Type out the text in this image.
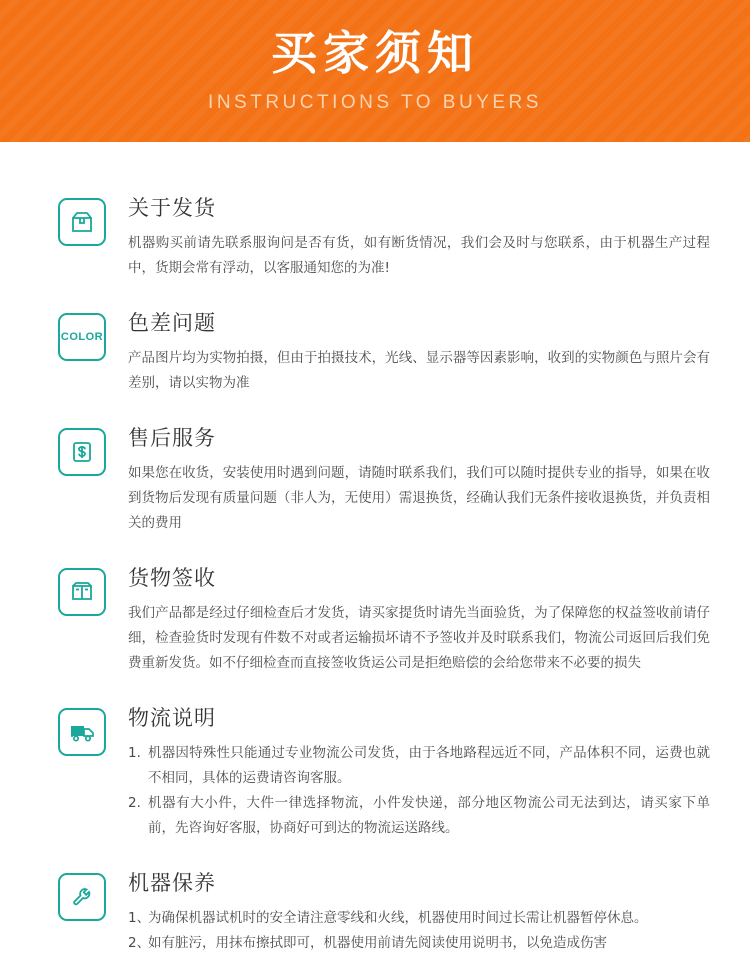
买家须知
INSTRUCTIONS TO BUYERS
关于发货

机器购买前请先联系服询问是否有货，如有断货情况，我们会及时与您联系，由于机器生产过程中，货期会常有浮动，以客服通知您的为准!

COLOR
色差问题

产品图片均为实物拍摄，但由于拍摄技术，光线、显示器等因素影响，收到的实物颜色与照片会有差别，请以实物为准

售后服务

如果您在收货，安装使用时遇到问题，请随时联系我们，我们可以随时提供专业的指导，如果在收到货物后发现有质量问题（非人为，无使用）需退换货，经确认我们无条件接收退换货，并负责相关的费用

货物签收

我们产品都是经过仔细检查后才发货，请买家提货时请先当面验货，为了保障您的权益签收前请仔细，检查验货时发现有件数不对或者运输损坏请不予签收并及时联系我们，物流公司返回后我们免费重新发货。如不仔细检查而直接签收货运公司是拒绝赔偿的会给您带来不必要的损失

物流说明
1. 机器因特殊性只能通过专业物流公司发货，由于各地路程远近不同，产品体积不同，运费也就不相同，具体的运费请咨询客服。
2. 机器有大小件，大件一律选择物流，小件发快递，部分地区物流公司无法到达，请买家下单前，先咨询好客服，协商好可到达的物流运送路线。
机器保养
1、
为确保机器试机时的安全请注意零线和火线，机器使用时间过长需让机器暂停休息。
2、
如有脏污，用抹布擦拭即可，机器使用前请先阅读使用说明书，以免造成伤害
